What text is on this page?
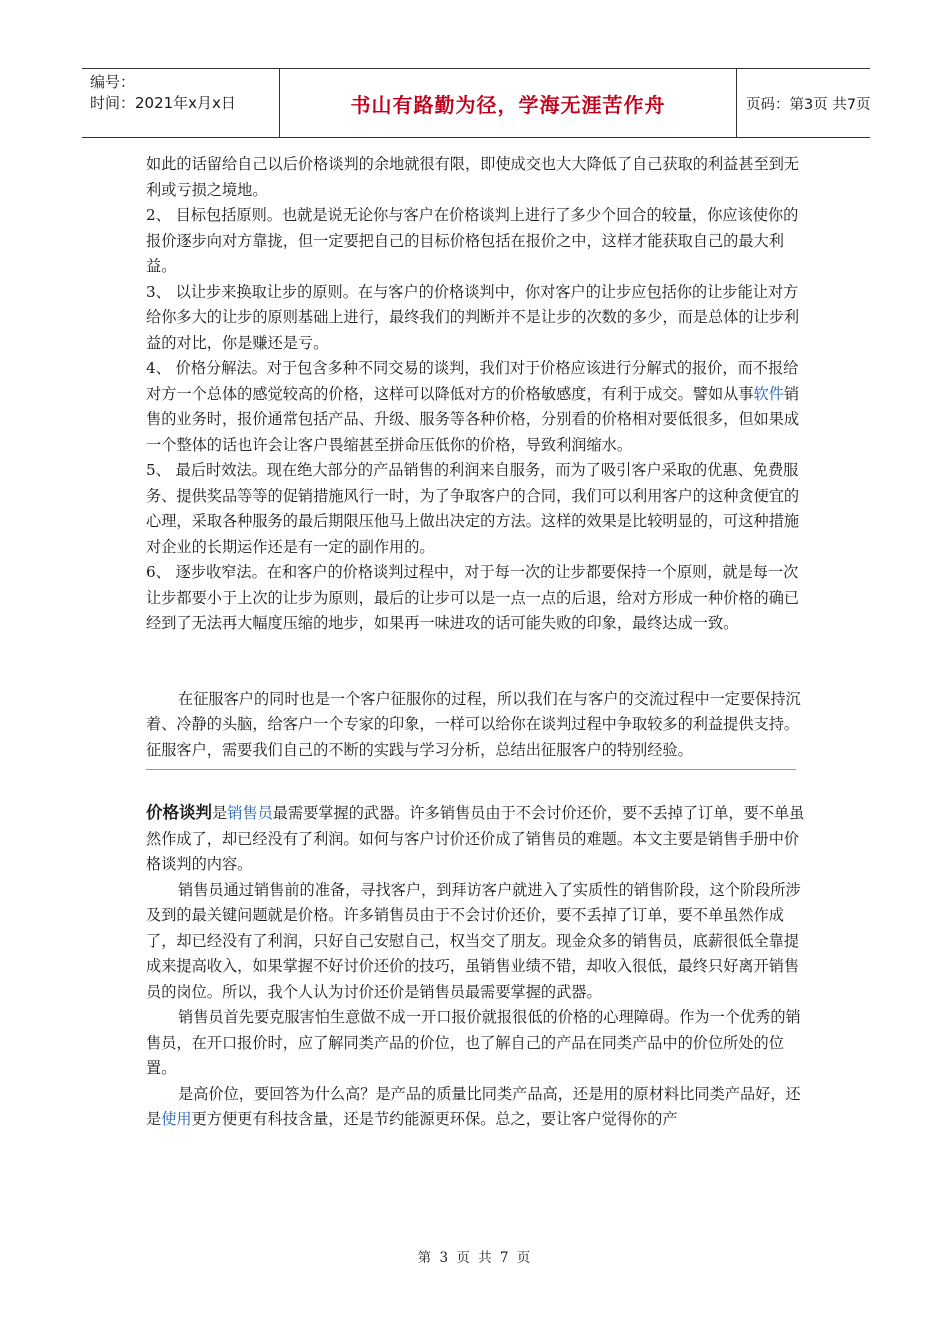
编号：
时间：2021年x月x日	书山有路勤为径，学海无涯苦作舟	页码：第3页 共7页

如此的话留给自己以后价格谈判的余地就很有限，即使成交也大大降低了自己获取的利益甚至到无利或亏损之境地。

2、 目标包括原则。也就是说无论你与客户在价格谈判上进行了多少个回合的较量，你应该使你的报价逐步向对方靠拢，但一定要把自己的目标价格包括在报价之中，这样才能获取自己的最大利益。

3、 以让步来换取让步的原则。在与客户的价格谈判中，你对客户的让步应包括你的让步能让对方给你多大的让步的原则基础上进行，最终我们的判断并不是让步的次数的多少，而是总体的让步利益的对比，你是赚还是亏。

4、 价格分解法。对于包含多种不同交易的谈判，我们对于价格应该进行分解式的报价，而不报给对方一个总体的感觉较高的价格，这样可以降低对方的价格敏感度，有利于成交。譬如从事软件销售的业务时，报价通常包括产品、升级、服务等各种价格，分别看的价格相对要低很多，但如果成一个整体的话也许会让客户畏缩甚至拼命压低你的价格，导致利润缩水。

5、 最后时效法。现在绝大部分的产品销售的利润来自服务，而为了吸引客户采取的优惠、免费服务、提供奖品等等的促销措施风行一时，为了争取客户的合同，我们可以利用客户的这种贪便宜的心理，采取各种服务的最后期限压他马上做出决定的方法。这样的效果是比较明显的，可这种措施对企业的长期运作还是有一定的副作用的。

6、 逐步收窄法。在和客户的价格谈判过程中，对于每一次的让步都要保持一个原则，就是每一次让步都要小于上次的让步为原则，最后的让步可以是一点一点的后退，给对方形成一种价格的确已经到了无法再大幅度压缩的地步，如果再一味进攻的话可能失败的印象，最终达成一致。

在征服客户的同时也是一个客户征服你的过程，所以我们在与客户的交流过程中一定要保持沉着、冷静的头脑，给客户一个专家的印象，一样可以给你在谈判过程中争取较多的利益提供支持。征服客户，需要我们自己的不断的实践与学习分析，总结出征服客户的特别经验。

价格谈判是销售员最需要掌握的武器。许多销售员由于不会讨价还价，要不丢掉了订单，要不单虽然作成了，却已经没有了利润。如何与客户讨价还价成了销售员的难题。本文主要是销售手册中价格谈判的内容。

销售员通过销售前的准备，寻找客户，到拜访客户就进入了实质性的销售阶段，这个阶段所涉及到的最关键问题就是价格。许多销售员由于不会讨价还价，要不丢掉了订单，要不单虽然作成了，却已经没有了利润，只好自己安慰自己，权当交了朋友。现金众多的销售员，底薪很低全靠提成来提高收入，如果掌握不好讨价还价的技巧，虽销售业绩不错，却收入很低，最终只好离开销售员的岗位。所以，我个人认为讨价还价是销售员最需要掌握的武器。

销售员首先要克服害怕生意做不成一开口报价就报很低的价格的心理障碍。作为一个优秀的销售员，在开口报价时，应了解同类产品的价位，也了解自己的产品在同类产品中的价位所处的位置。

是高价位，要回答为什么高？是产品的质量比同类产品高，还是用的原材料比同类产品好，还是使用更方便更有科技含量，还是节约能源更环保。总之，要让客户觉得你的产

第 3 页 共 7 页
